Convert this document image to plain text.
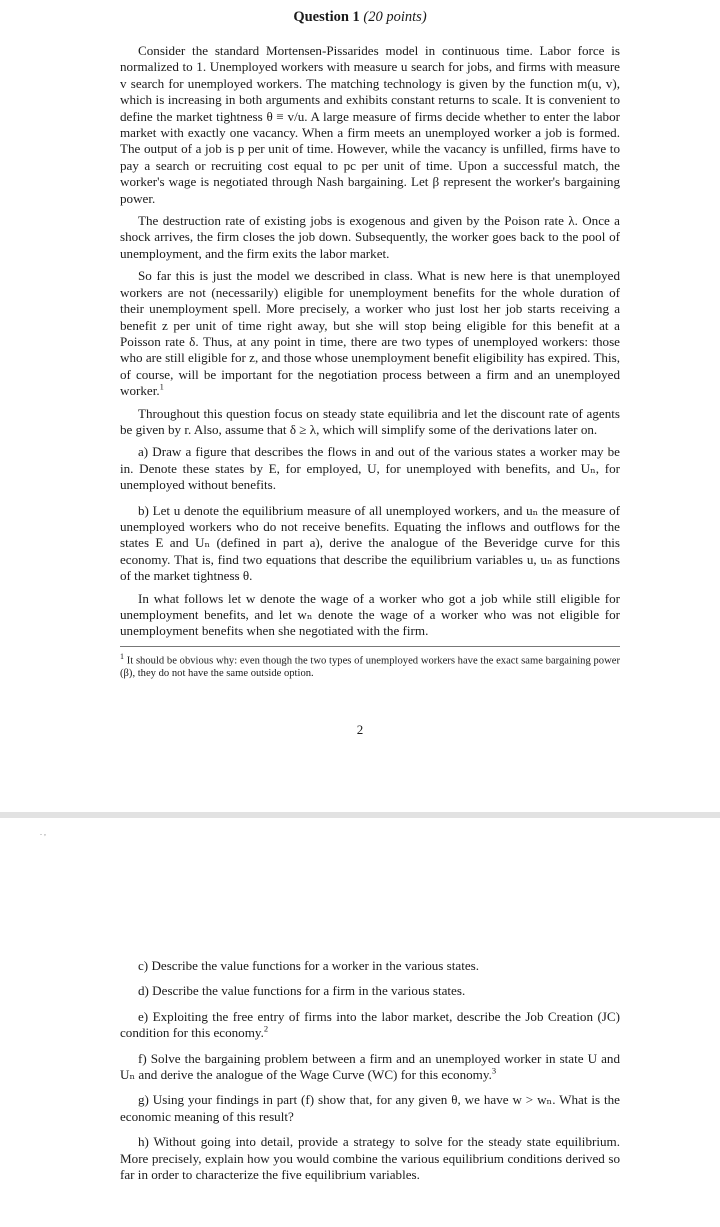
Question 1 (20 points)

Consider the standard Mortensen-Pissarides model in continuous time. Labor force is normalized to 1. Unemployed workers with measure u search for jobs, and firms with measure v search for unemployed workers. The matching technology is given by the function m(u, v), which is increasing in both arguments and exhibits constant returns to scale. It is convenient to define the market tightness θ ≡ v/u. A large measure of firms decide whether to enter the labor market with exactly one vacancy. When a firm meets an unemployed worker a job is formed. The output of a job is p per unit of time. However, while the vacancy is unfilled, firms have to pay a search or recruiting cost equal to pc per unit of time. Upon a successful match, the worker's wage is negotiated through Nash bargaining. Let β represent the worker's bargaining power.

The destruction rate of existing jobs is exogenous and given by the Poison rate λ. Once a shock arrives, the firm closes the job down. Subsequently, the worker goes back to the pool of unemployment, and the firm exits the labor market.

So far this is just the model we described in class. What is new here is that unemployed workers are not (necessarily) eligible for unemployment benefits for the whole duration of their unemployment spell. More precisely, a worker who just lost her job starts receiving a benefit z per unit of time right away, but she will stop being eligible for this benefit at a Poisson rate δ. Thus, at any point in time, there are two types of unemployed workers: those who are still eligible for z, and those whose unemployment benefit eligibility has expired. This, of course, will be important for the negotiation process between a firm and an unemployed worker.$^1$

Throughout this question focus on steady state equilibria and let the discount rate of agents be given by r. Also, assume that δ ≥ λ, which will simplify some of the derivations later on.

a) Draw a figure that describes the flows in and out of the various states a worker may be in. Denote these states by E, for employed, U, for unemployed with benefits, and Uₙ, for unemployed without benefits.

b) Let u denote the equilibrium measure of all unemployed workers, and uₙ the measure of unemployed workers who do not receive benefits. Equating the inflows and outflows for the states E and Uₙ (defined in part a), derive the analogue of the Beveridge curve for this economy. That is, find two equations that describe the equilibrium variables u, uₙ as functions of the market tightness θ.

In what follows let w denote the wage of a worker who got a job while still eligible for unemployment benefits, and let wₙ denote the wage of a worker who was not eligible for unemployment benefits when she negotiated with the firm.

$^1$ It should be obvious why: even though the two types of unemployed workers have the exact same bargaining power (β), they do not have the same outside option.
2
. ,

c) Describe the value functions for a worker in the various states.

d) Describe the value functions for a firm in the various states.

e) Exploiting the free entry of firms into the labor market, describe the Job Creation (JC) condition for this economy.$^2$

f) Solve the bargaining problem between a firm and an unemployed worker in state U and Uₙ and derive the analogue of the Wage Curve (WC) for this economy.$^3$

g) Using your findings in part (f) show that, for any given θ, we have w > wₙ. What is the economic meaning of this result?

h) Without going into detail, provide a strategy to solve for the steady state equilibrium. More precisely, explain how you would combine the various equilibrium conditions derived so far in order to characterize the five equilibrium variables.
